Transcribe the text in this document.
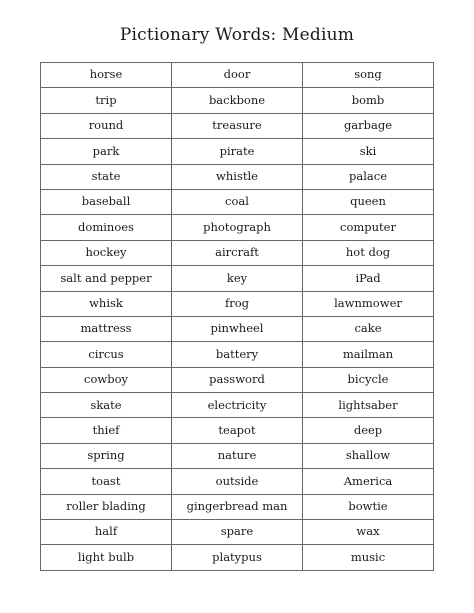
Pictionary Words: Medium
horse	door	song
trip	backbone	bomb
round	treasure	garbage
park	pirate	ski
state	whistle	palace
baseball	coal	queen
dominoes	photograph	computer
hockey	aircraft	hot dog
salt and pepper	key	iPad
whisk	frog	lawnmower
mattress	pinwheel	cake
circus	battery	mailman
cowboy	password	bicycle
skate	electricity	lightsaber
thief	teapot	deep
spring	nature	shallow
toast	outside	America
roller blading	gingerbread man	bowtie
half	spare	wax
light bulb	platypus	music
